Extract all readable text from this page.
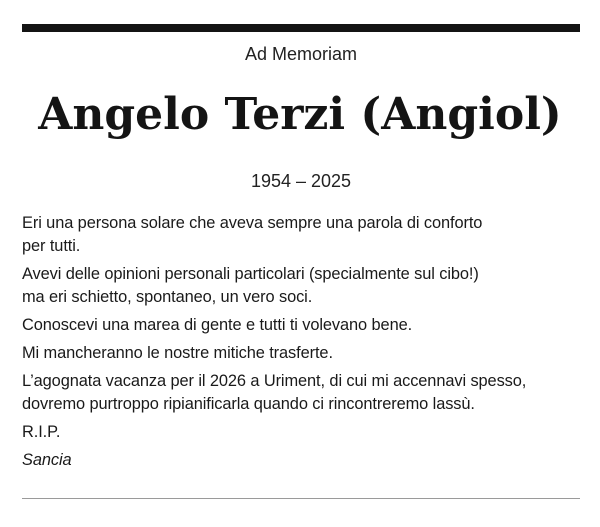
Ad Memoriam
Angelo Terzi (Angiol)
1954 – 2025

Eri una persona solare che aveva sempre una parola di conforto
per tutti.

Avevi delle opinioni personali particolari (specialmente sul cibo!)
ma eri schietto, spontaneo, un vero soci.

Conoscevi una marea di gente e tutti ti volevano bene.

Mi mancheranno le nostre mitiche trasferte.

L’agognata vacanza per il 2026 a Uriment, di cui mi accennavi spesso,
dovremo purtroppo ripianificarla quando ci rincontreremo lassù.

R.I.P.

Sancia
